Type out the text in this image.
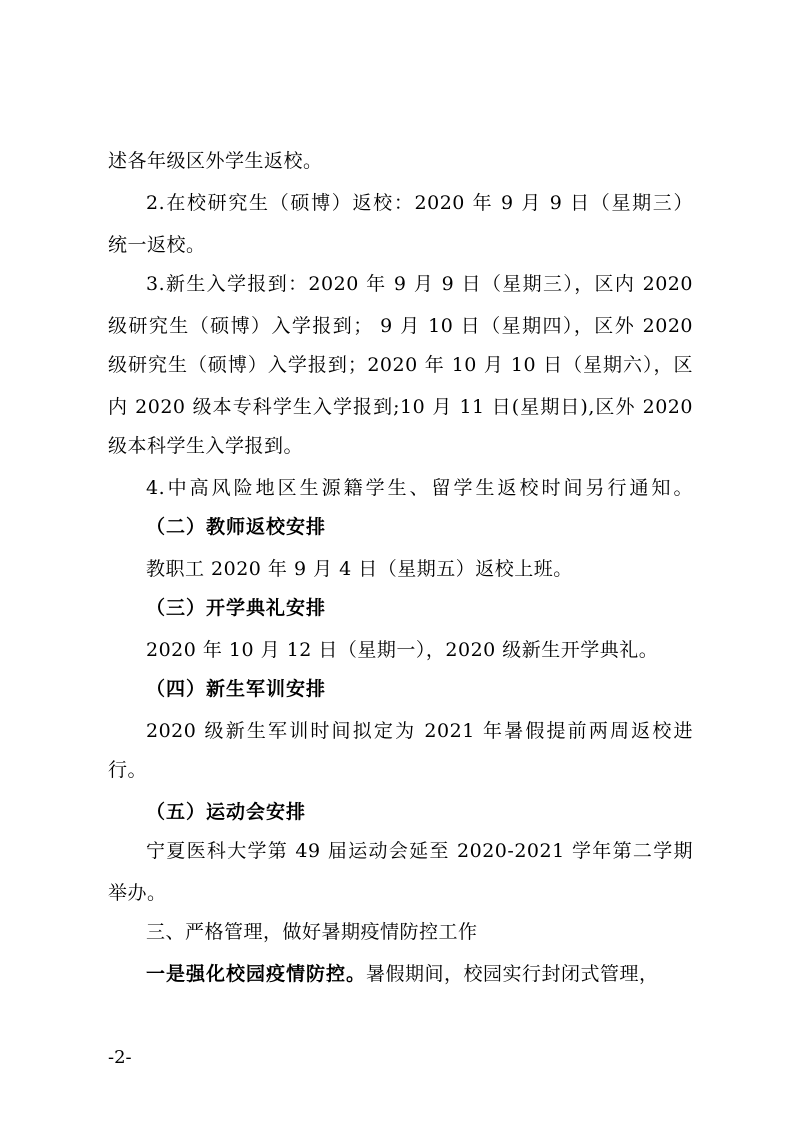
述各年级区外学生返校。
2.在校研究生（硕博）返校：2020 年 9 月 9 日（星期三）
统一返校。
3.新生入学报到：2020 年 9 月 9 日（星期三），区内 2020
级研究生（硕博）入学报到； 9 月 10 日（星期四），区外 2020
级研究生（硕博）入学报到；2020 年 10 月 10 日（星期六），区
内 2020 级本专科学生入学报到;10 月 11 日(星期日),区外 2020
级本科学生入学报到。
4.中高风险地区生源籍学生、留学生返校时间另行通知。
（二）教师返校安排
教职工 2020 年 9 月 4 日（星期五）返校上班。
（三）开学典礼安排
2020 年 10 月 12 日（星期一），2020 级新生开学典礼。
（四）新生军训安排
2020 级新生军训时间拟定为 2021 年暑假提前两周返校进
行。
（五）运动会安排
宁夏医科大学第 49 届运动会延至 2020-2021 学年第二学期
举办。
三、严格管理，做好暑期疫情防控工作
一是强化校园疫情防控。暑假期间，校园实行封闭式管理，
-2-
